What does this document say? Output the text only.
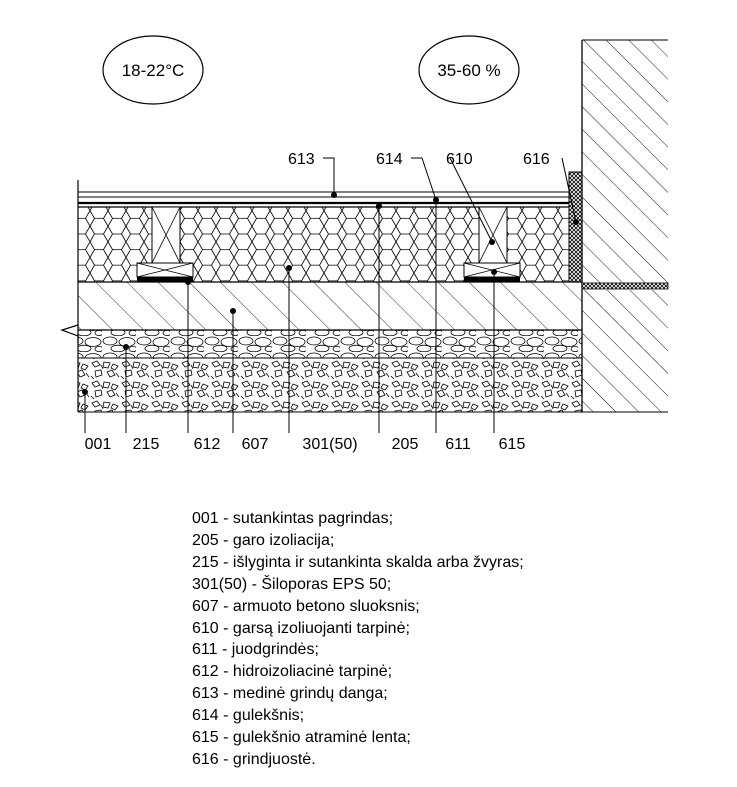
18-22°C	35-60 %
613	614	610	616
001 215 612 607 301(50) 205 611 615
001 - sutankintas pagrindas;
205 - garo izoliacija;
215 - išlyginta ir sutankinta skalda arba žvyras;
301(50) - Šiloporas EPS 50;
607 - armuoto betono sluoksnis;
610 - garsą izoliuojanti tarpinė;
611 - juodgrindės;
612 - hidroizoliacinė tarpinė;
613 - medinė grindų danga;
614 - gulekšnis;
615 - gulekšnio atraminė lenta;
616 - grindjuostė.
